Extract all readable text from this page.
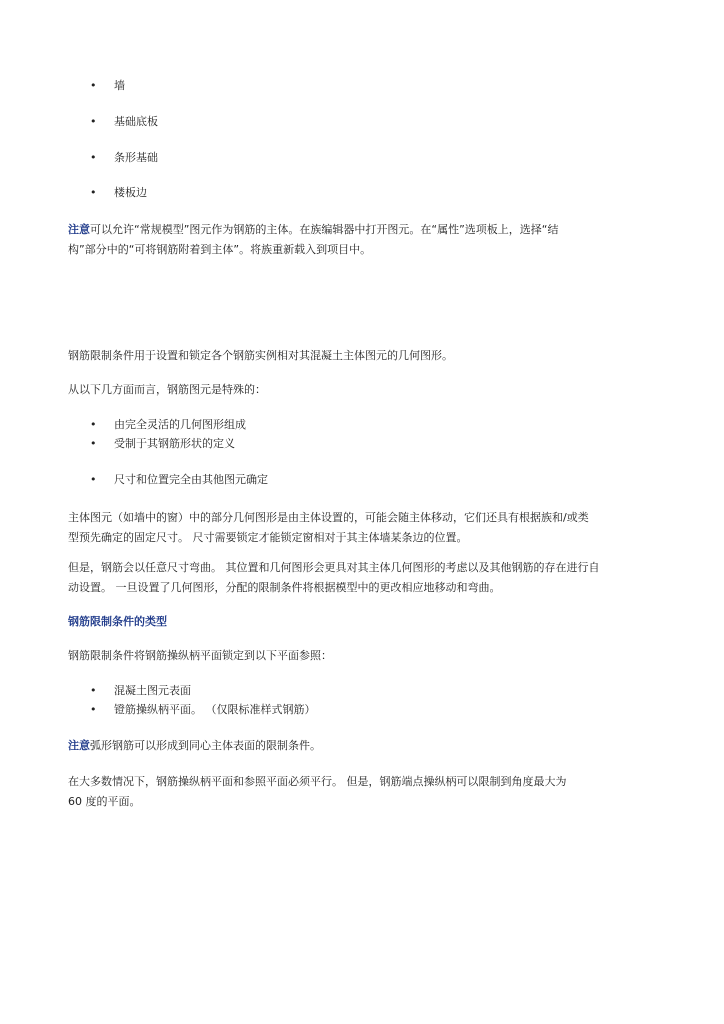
• 墙
• 基础底板
• 条形基础
• 楼板边
注意可以允许“常规模型”图元作为钢筋的主体。在族编辑器中打开图元。在“属性”选项板上，选择“结
构”部分中的“可将钢筋附着到主体”。将族重新载入到项目中。
钢筋限制条件用于设置和锁定各个钢筋实例相对其混凝土主体图元的几何图形。
从以下几方面而言，钢筋图元是特殊的：
• 由完全灵活的几何图形组成
• 受制于其钢筋形状的定义
• 尺寸和位置完全由其他图元确定
主体图元（如墙中的窗）中的部分几何图形是由主体设置的，可能会随主体移动，它们还具有根据族和/或类
型预先确定的固定尺寸。 尺寸需要锁定才能锁定窗相对于其主体墙某条边的位置。
但是，钢筋会以任意尺寸弯曲。 其位置和几何图形会更具对其主体几何图形的考虑以及其他钢筋的存在进行自
动设置。 一旦设置了几何图形，分配的限制条件将根据模型中的更改相应地移动和弯曲。
钢筋限制条件的类型
钢筋限制条件将钢筋操纵柄平面锁定到以下平面参照：
• 混凝土图元表面
• 镫筋操纵柄平面。 （仅限标准样式钢筋）
注意弧形钢筋可以形成到同心主体表面的限制条件。
在大多数情况下，钢筋操纵柄平面和参照平面必须平行。 但是，钢筋端点操纵柄可以限制到角度最大为
60 度的平面。
